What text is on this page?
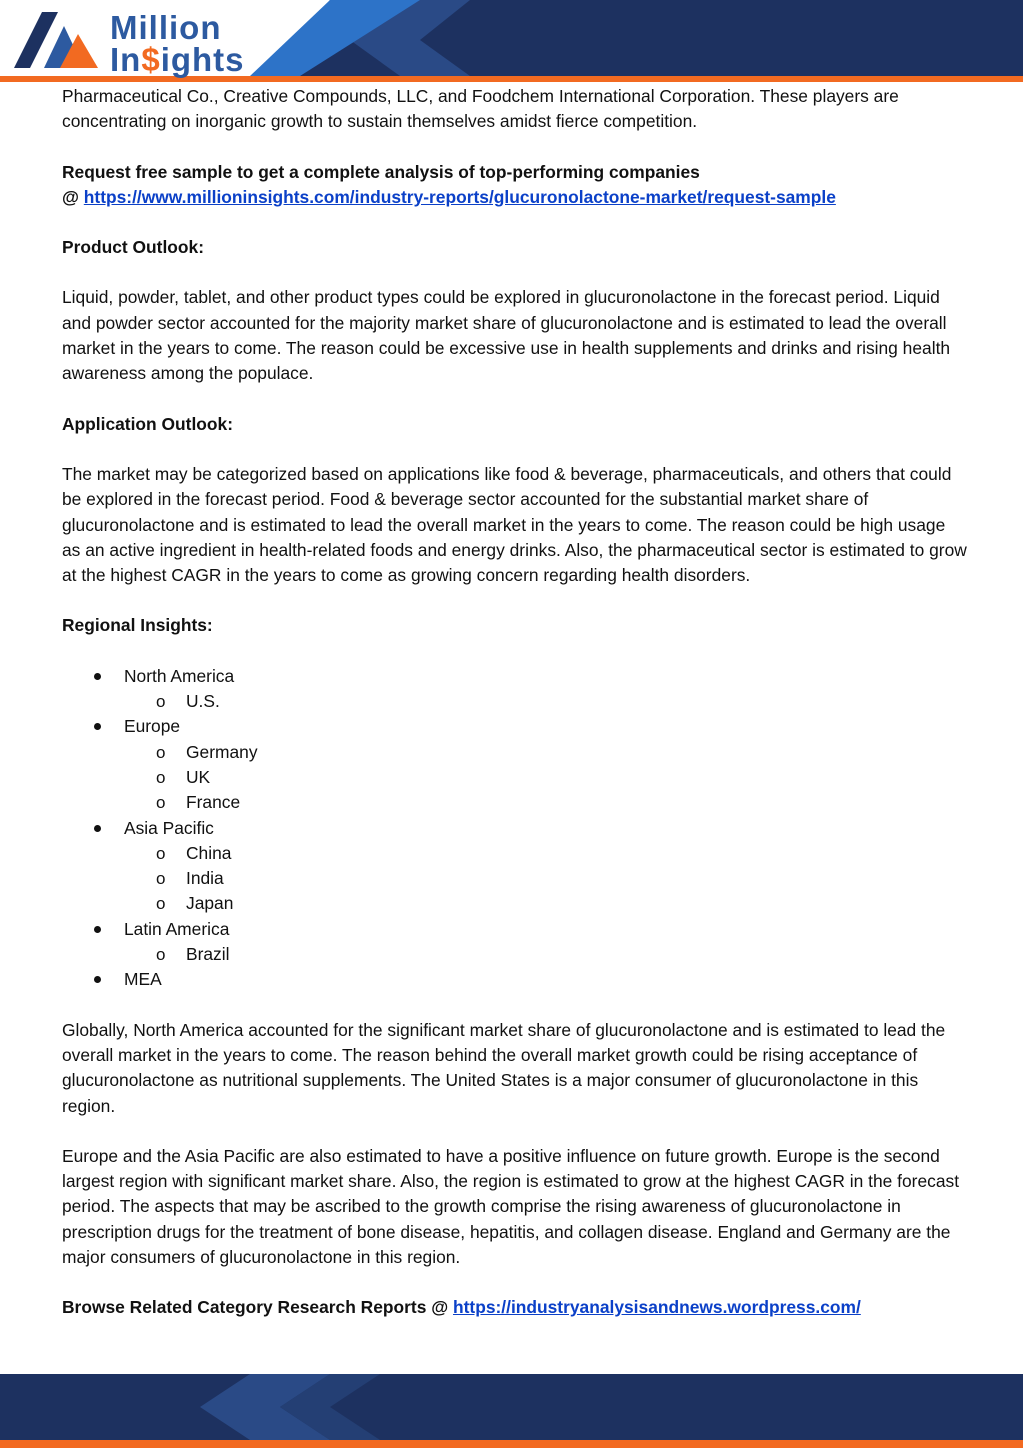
Million
In$ights

Pharmaceutical Co., Creative Compounds, LLC, and Foodchem International Corporation. These players are concentrating on inorganic growth to sustain themselves amidst fierce competition.

Request free sample to get a complete analysis of top-performing companies

@ https://www.millioninsights.com/industry-reports/glucuronolactone-market/request-sample

Product Outlook:

Liquid, powder, tablet, and other product types could be explored in glucuronolactone in the forecast period. Liquid and powder sector accounted for the majority market share of glucuronolactone and is estimated to lead the overall market in the years to come. The reason could be excessive use in health supplements and drinks and rising health awareness among the populace.

Application Outlook:

The market may be categorized based on applications like food & beverage, pharmaceuticals, and others that could be explored in the forecast period. Food & beverage sector accounted for the substantial market share of glucuronolactone and is estimated to lead the overall market in the years to come. The reason could be high usage as an active ingredient in health-related foods and energy drinks. Also, the pharmaceutical sector is estimated to grow at the highest CAGR in the years to come as growing concern regarding health disorders.

Regional Insights:

North America
o U.S.
Europe
o Germany
o UK
o France
Asia Pacific
o China
o India
o Japan
Latin America
o Brazil
MEA

Globally, North America accounted for the significant market share of glucuronolactone and is estimated to lead the overall market in the years to come. The reason behind the overall market growth could be rising acceptance of glucuronolactone as nutritional supplements. The United States is a major consumer of glucuronolactone in this region.

Europe and the Asia Pacific are also estimated to have a positive influence on future growth. Europe is the second largest region with significant market share. Also, the region is estimated to grow at the highest CAGR in the forecast period. The aspects that may be ascribed to the growth comprise the rising awareness of glucuronolactone in prescription drugs for the treatment of bone disease, hepatitis, and collagen disease. England and Germany are the major consumers of glucuronolactone in this region.

Browse Related Category Research Reports @ https://industryanalysisandnews.wordpress.com/
